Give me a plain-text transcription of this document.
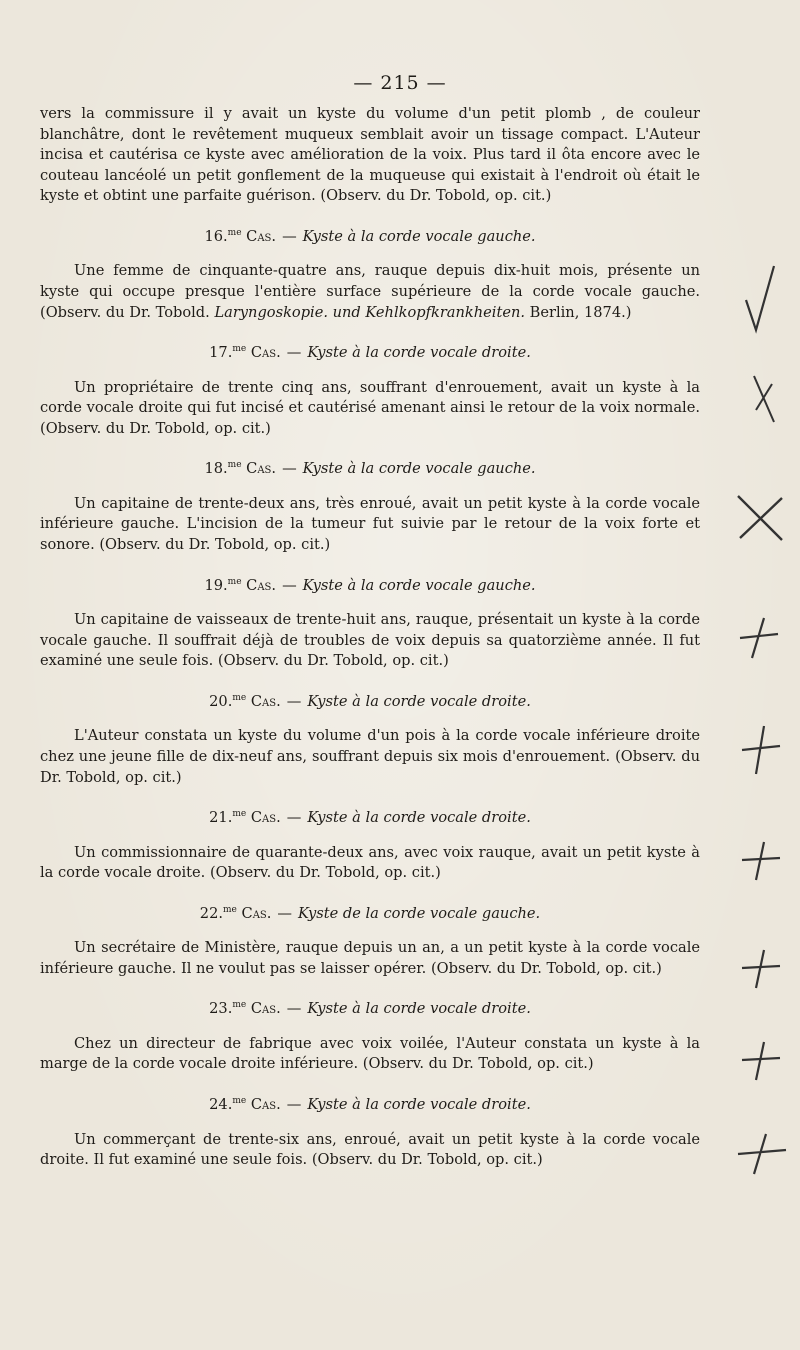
— 215 —

vers la commissure il y avait un kyste du volume d'un petit plomb , de couleur blanchâtre, dont le revêtement muqueux semblait avoir un tissage compact. L'Auteur incisa et cautérisa ce kyste avec amélioration de la voix. Plus tard il ôta encore avec le couteau lancéolé un petit gonflement de la muqueuse qui existait à l'endroit où était le kyste et obtint une parfaite guérison. (Observ. du Dr. Tobold, op. cit.)

16.$^{me}$ Cas. — Kyste à la corde vocale gauche.

Une femme de cinquante-quatre ans, rauque depuis dix-huit mois, présente un kyste qui occupe presque l'entière surface supérieure de la corde vocale gauche. (Observ. du Dr. Tobold. Laryngoskopie. und Kehlkopfkrankheiten. Berlin, 1874.)

17.$^{me}$ Cas. — Kyste à la corde vocale droite.

Un propriétaire de trente cinq ans, souffrant d'enrouement, avait un kyste à la corde vocale droite qui fut incisé et cautérisé amenant ainsi le retour de la voix normale. (Observ. du Dr. Tobold, op. cit.)

18.$^{me}$ Cas. — Kyste à la corde vocale gauche.

Un capitaine de trente-deux ans, très enroué, avait un petit kyste à la corde vocale inférieure gauche. L'incision de la tumeur fut suivie par le retour de la voix forte et sonore. (Observ. du Dr. Tobold, op. cit.)

19.$^{me}$ Cas. — Kyste à la corde vocale gauche.

Un capitaine de vaisseaux de trente-huit ans, rauque, présentait un kyste à la corde vocale gauche. Il souffrait déjà de troubles de voix depuis sa quatorzième année. Il fut examiné une seule fois. (Observ. du Dr. Tobold, op. cit.)

20.$^{me}$ Cas. — Kyste à la corde vocale droite.

L'Auteur constata un kyste du volume d'un pois à la corde vocale inférieure droite chez une jeune fille de dix-neuf ans, souffrant depuis six mois d'enrouement. (Observ. du Dr. Tobold, op. cit.)

21.$^{me}$ Cas. — Kyste à la corde vocale droite.

Un commissionnaire de quarante-deux ans, avec voix rauque, avait un petit kyste à la corde vocale droite. (Observ. du Dr. Tobold, op. cit.)

22.$^{me}$ Cas. — Kyste de la corde vocale gauche.

Un secrétaire de Ministère, rauque depuis un an, a un petit kyste à la corde vocale inférieure gauche. Il ne voulut pas se laisser opérer. (Observ. du Dr. Tobold, op. cit.)

23.$^{me}$ Cas. — Kyste à la corde vocale droite.

Chez un directeur de fabrique avec voix voilée, l'Auteur constata un kyste à la marge de la corde vocale droite inférieure. (Observ. du Dr. Tobold, op. cit.)

24.$^{me}$ Cas. — Kyste à la corde vocale droite.

Un commerçant de trente-six ans, enroué, avait un petit kyste à la corde vocale droite. Il fut examiné une seule fois. (Observ. du Dr. Tobold, op. cit.)
